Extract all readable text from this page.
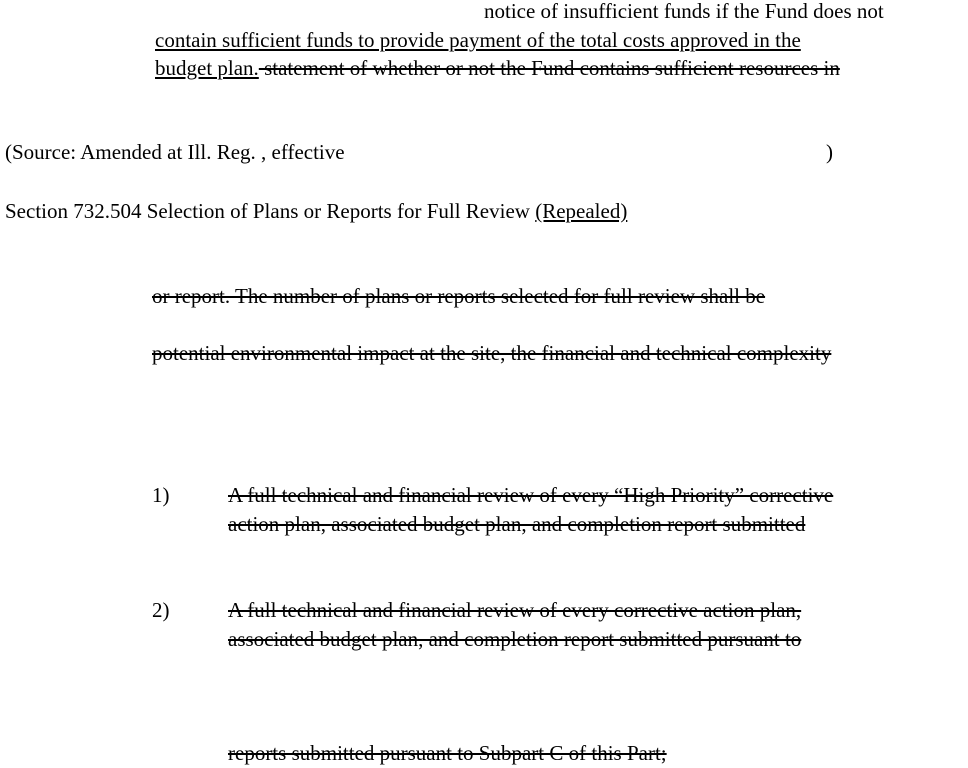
notice of insufficient funds if the Fund does not
contain sufficient funds to provide payment of the total costs approved in the
budget plan. statement of whether or not the Fund contains sufficient resources in
(Source: Amended at Ill. Reg. , effective	)
Section 732.504 Selection of Plans or Reports for Full Review (Repealed)
or report. The number of plans or reports selected for full review shall be
potential environmental impact at the site, the financial and technical complexity
1)	A full technical and financial review of every “High Priority” corrective
action plan, associated budget plan, and completion report submitted
2)	A full technical and financial review of every corrective action plan,
associated budget plan, and completion report submitted pursuant to
reports submitted pursuant to Subpart C of this Part;
